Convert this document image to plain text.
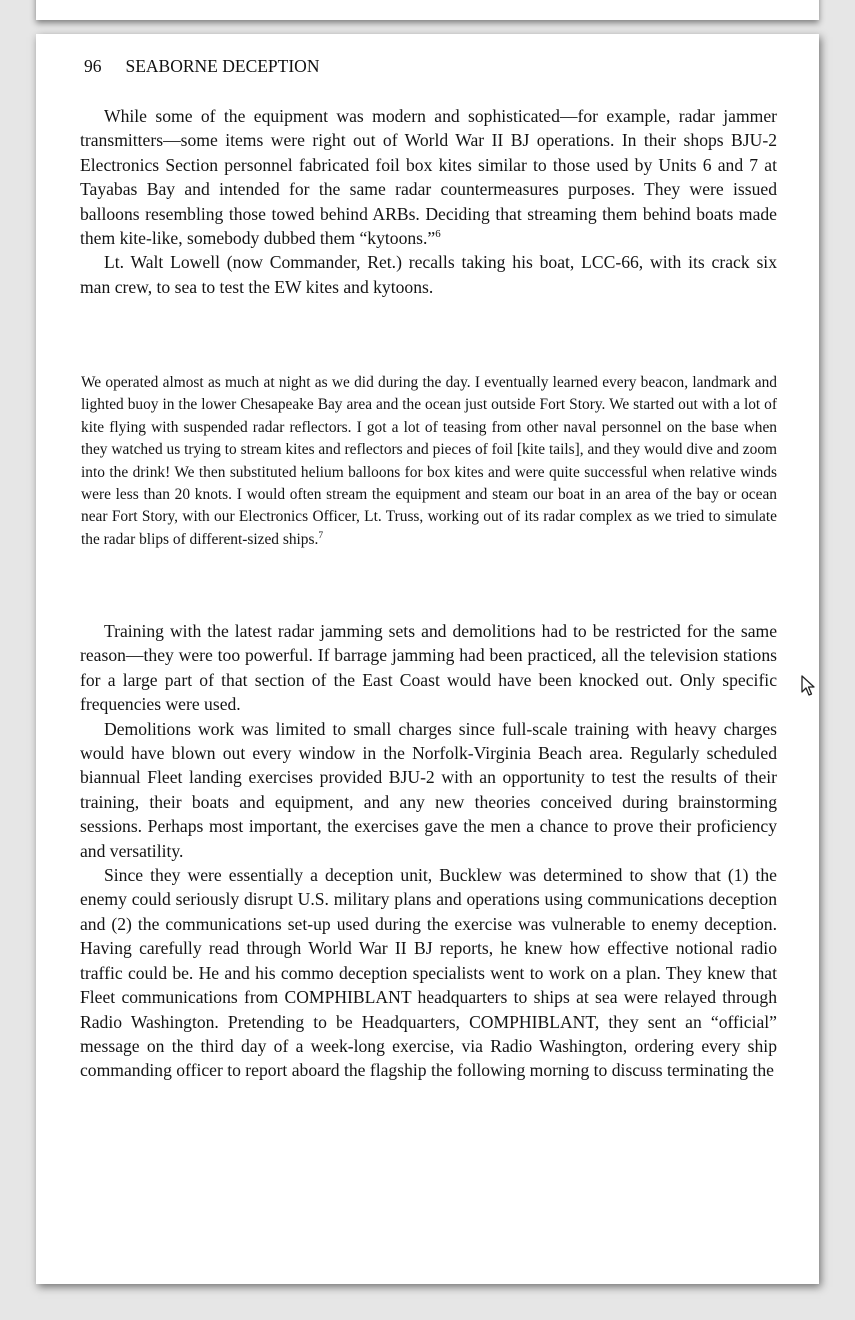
96 SEABORNE DECEPTION

While some of the equipment was modern and sophisticated—for example, radar jammer transmitters—some items were right out of World War II BJ operations. In their shops BJU-2 Electronics Section personnel fabricated foil box kites similar to those used by Units 6 and 7 at Tayabas Bay and intended for the same radar countermeasures purposes. They were issued balloons resembling those towed behind ARBs. Deciding that streaming them behind boats made them kite-like, somebody dubbed them “kytoons.”$^6$

Lt. Walt Lowell (now Commander, Ret.) recalls taking his boat, LCC-66, with its crack six man crew, to sea to test the EW kites and kytoons.

We operated almost as much at night as we did during the day. I eventually learned every beacon, landmark and lighted buoy in the lower Chesapeake Bay area and the ocean just outside Fort Story. We started out with a lot of kite flying with suspended radar reflectors. I got a lot of teasing from other naval personnel on the base when they watched us trying to stream kites and reflectors and pieces of foil [kite tails], and they would dive and zoom into the drink! We then substituted helium balloons for box kites and were quite successful when relative winds were less than 20 knots. I would often stream the equipment and steam our boat in an area of the bay or ocean near Fort Story, with our Electronics Officer, Lt. Truss, working out of its radar complex as we tried to simulate the radar blips of different-sized ships.$^7$

Training with the latest radar jamming sets and demolitions had to be restricted for the same reason—they were too powerful. If barrage jamming had been practiced, all the television stations for a large part of that section of the East Coast would have been knocked out. Only specific frequencies were used.

Demolitions work was limited to small charges since full-scale training with heavy charges would have blown out every window in the Norfolk-Virginia Beach area. Regularly scheduled biannual Fleet landing exercises provided BJU-2 with an opportunity to test the results of their training, their boats and equipment, and any new theories conceived during brainstorming sessions. Perhaps most important, the exercises gave the men a chance to prove their proficiency and versatility.

Since they were essentially a deception unit, Bucklew was determined to show that (1) the enemy could seriously disrupt U.S. military plans and operations using communications deception and (2) the communications set-up used during the exercise was vulnerable to enemy deception. Having carefully read through World War II BJ reports, he knew how effective notional radio traffic could be. He and his commo deception specialists went to work on a plan. They knew that Fleet communications from COMPHIBLANT headquarters to ships at sea were relayed through Radio Washington. Pretending to be Headquarters, COMPHIBLANT, they sent an “official” message on the third day of a week-long exercise, via Radio Washington, ordering every ship commanding officer to report aboard the flagship the following morning to discuss terminating the
